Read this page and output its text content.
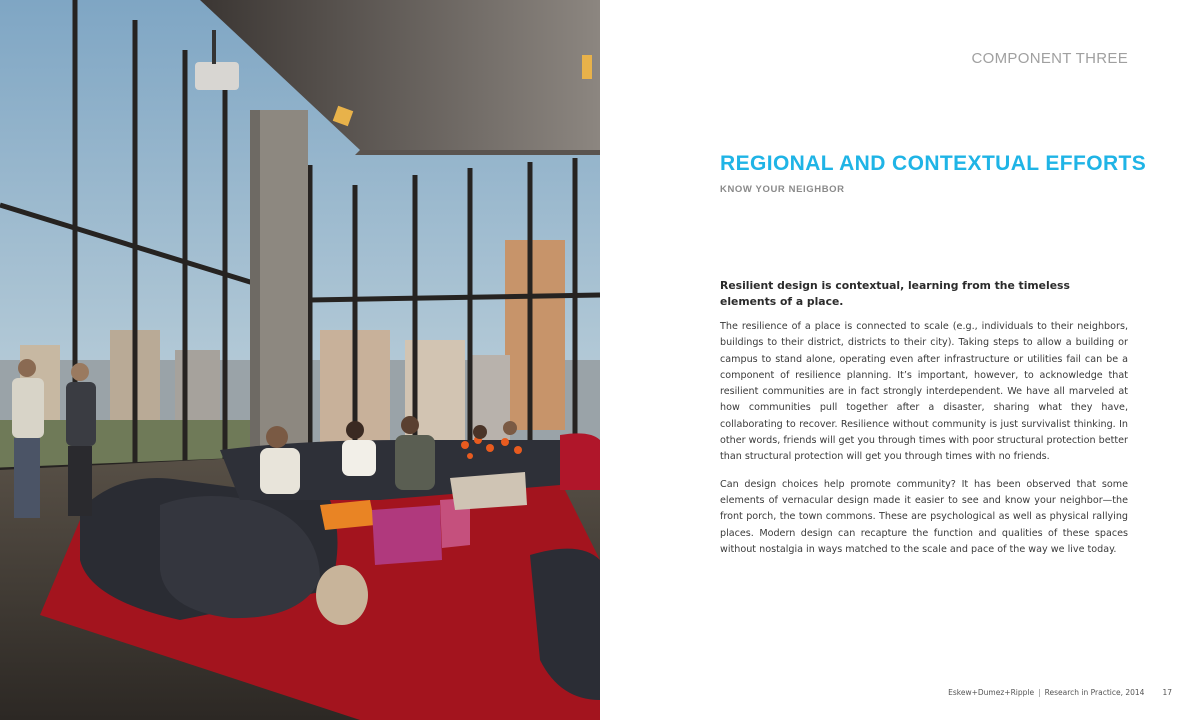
COMPONENT THREE
REGIONAL AND CONTEXTUAL EFFORTS
KNOW YOUR NEIGHBOR

Resilient design is contextual, learning from the timeless elements of a place.

The resilience of a place is connected to scale (e.g., individuals to their neighbors, buildings to their district, districts to their city). Taking steps to allow a building or campus to stand alone, operating even after infrastructure or utilities fail can be a component of resilience planning. It’s important, however, to acknowledge that resilient communities are in fact strongly interdependent. We have all marveled at how communities pull together after a disaster, sharing what they have, collaborating to recover. Resilience without community is just survivalist thinking. In other words, friends will get you through times with poor structural protection better than structural protection will get you through times with no friends.

Can design choices help promote community? It has been observed that some elements of vernacular design made it easier to see and know your neighbor—the front porch, the town commons. These are psychological as well as physical rallying places. Modern design can recapture the function and qualities of these spaces without nostalgia in ways matched to the scale and pace of the way we live today.

Eskew+Dumez+Ripple | Research in Practice, 2014 17
